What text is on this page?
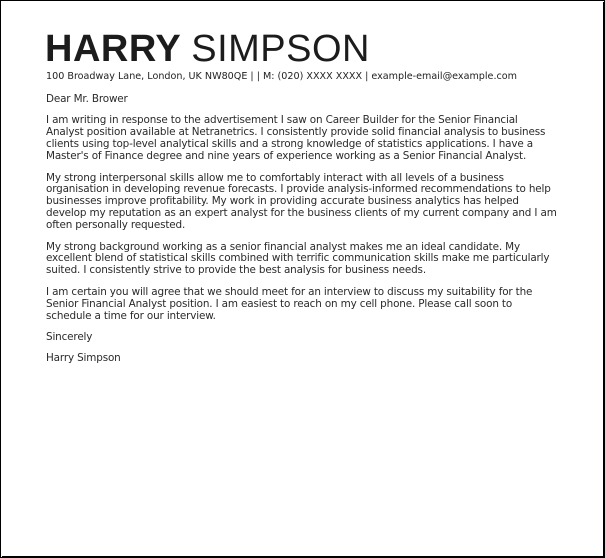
HARRY SIMPSON
100 Broadway Lane, London, UK NW80QE | | M: (020) XXXX XXXX | example-email@example.com

Dear Mr. Brower

I am writing in response to the advertisement I saw on Career Builder for the Senior Financial Analyst position available at Netranetrics. I consistently provide solid financial analysis to business clients using top-level analytical skills and a strong knowledge of statistics applications. I have a Master's of Finance degree and nine years of experience working as a Senior Financial Analyst.

My strong interpersonal skills allow me to comfortably interact with all levels of a business organisation in developing revenue forecasts. I provide analysis-informed recommendations to help businesses improve profitability. My work in providing accurate business analytics has helped develop my reputation as an expert analyst for the business clients of my current company and I am often personally requested.

My strong background working as a senior financial analyst makes me an ideal candidate. My excellent blend of statistical skills combined with terrific communication skills make me particularly suited. I consistently strive to provide the best analysis for business needs.

I am certain you will agree that we should meet for an interview to discuss my suitability for the Senior Financial Analyst position. I am easiest to reach on my cell phone. Please call soon to schedule a time for our interview.

Sincerely

Harry Simpson
